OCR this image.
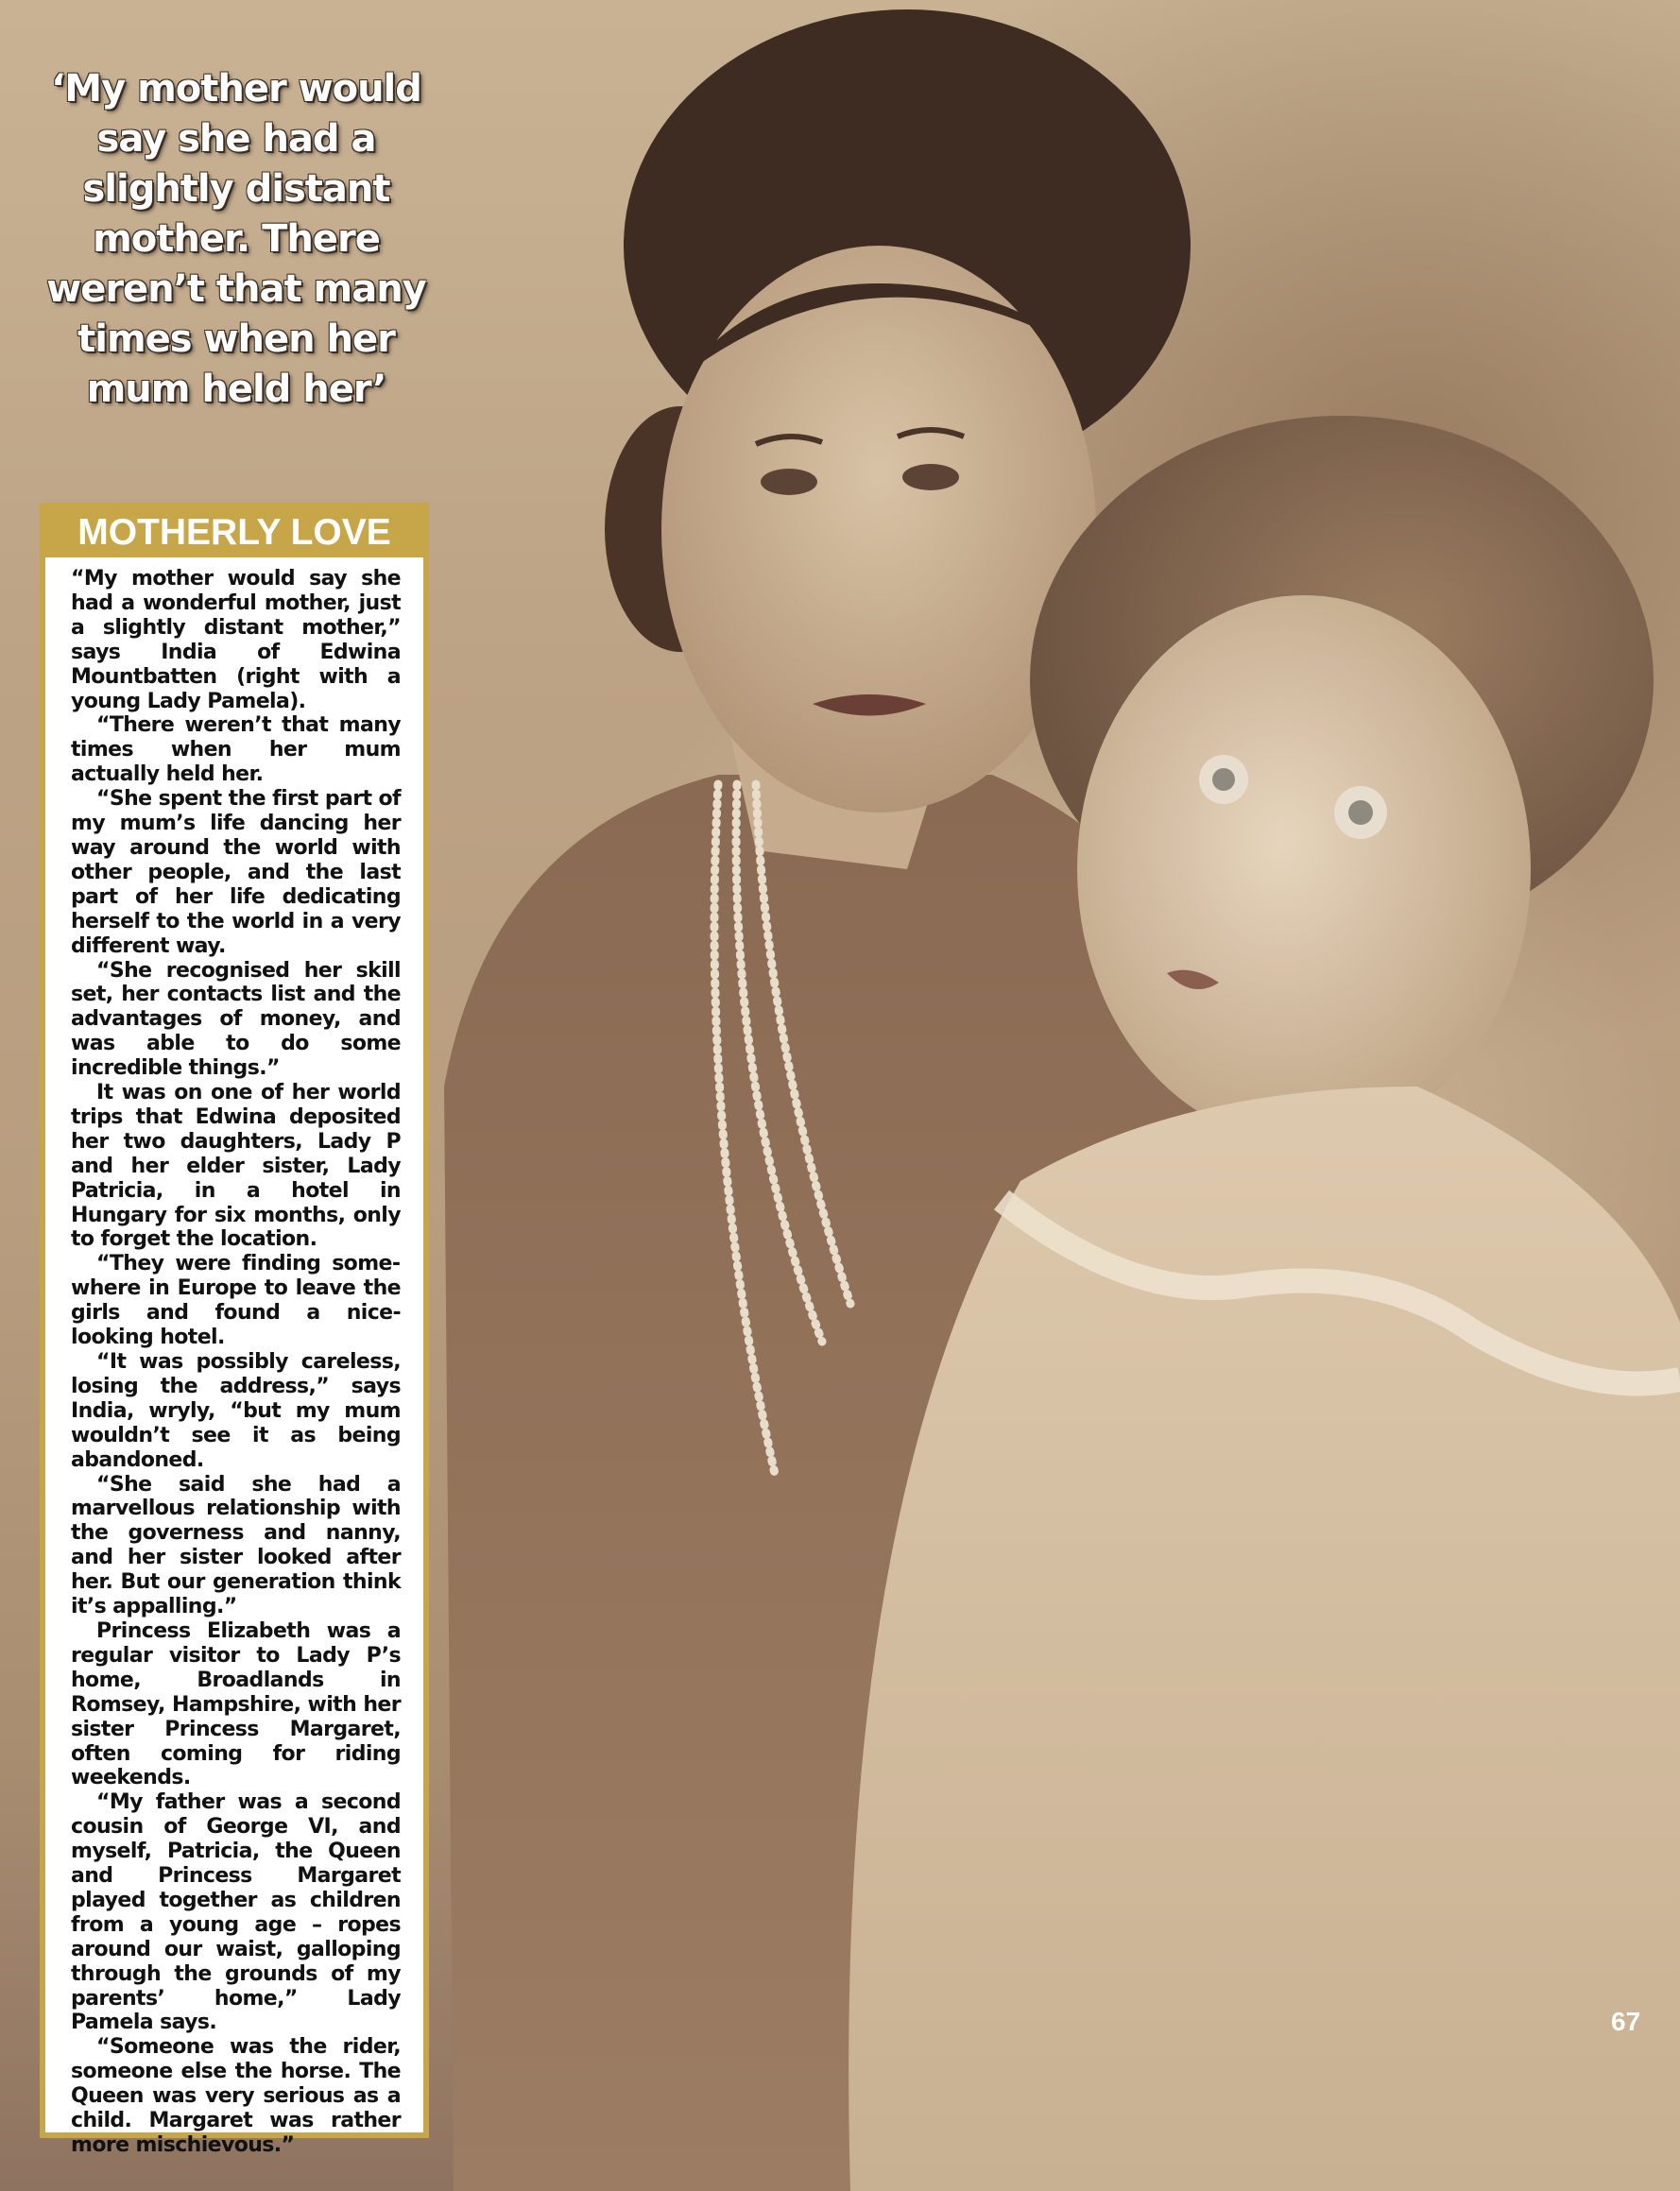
‘My mother would
say she had a
slightly distant
mother. There
weren’t that many
times when her
mum held her’
MOTHERLY LOVE

“My mother would say she had a wonderful mother, just a slightly distant mother,” says India of Edwina Mountbatten (right with a young Lady Pamela).

“There weren’t that many times when her mum actually held her.

“She spent the first part of my mum’s life dancing her way around the world with other people, and the last part of her life dedicating herself to the world in a very different way.

“She recognised her skill set, her contacts list and the advantages of money, and was able to do some incredible things.”

It was on one of her world trips that Edwina deposited her two daughters, Lady P and her elder sister, Lady Patricia, in a hotel in Hungary for six months, only to forget the location.

“They were finding somewhere in Europe to leave the girls and found a nice-looking hotel.

“It was possibly careless, losing the address,” says India, wryly, “but my mum wouldn’t see it as being abandoned.

“She said she had a marvellous relationship with the governess and nanny, and her sister looked after her. But our generation think it’s appalling.”

Princess Elizabeth was a regular visitor to Lady P’s home, Broadlands in Romsey, Hampshire, with her sister Princess Margaret, often coming for riding weekends.

“My father was a second cousin of George VI, and myself, Patricia, the Queen and Princess Margaret played together as children from a young age – ropes around our waist, galloping through the grounds of my parents’ home,” Lady Pamela says.

“Someone was the rider, someone else the horse. The Queen was very serious as a child. Margaret was rather more mischievous.”

67
